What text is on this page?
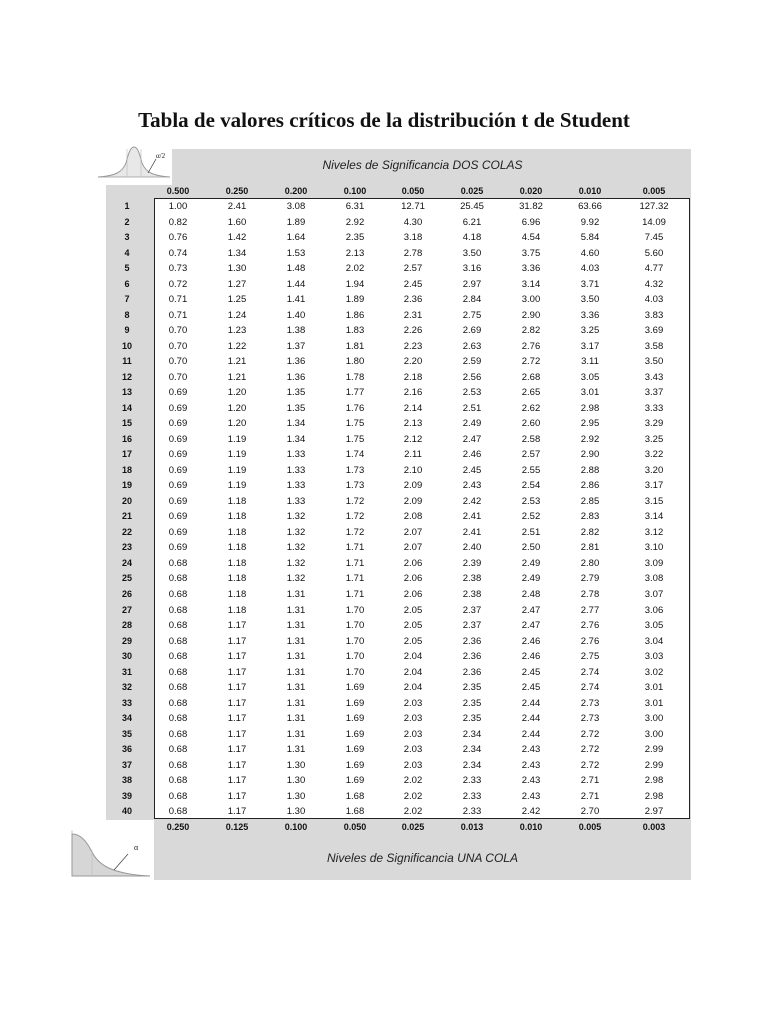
Tabla de valores críticos de la distribución t de Student
α/2
α
Niveles de Significancia DOS COLAS
Niveles de Significancia UNA COLA
0.500	0.250	0.200	0.100	0.050	0.025	0.020	0.010	0.005
0.250	0.125	0.100	0.050	0.025	0.013	0.010	0.005	0.003
1	1.00	2.41	3.08	6.31	12.71	25.45	31.82	63.66	127.32
2	0.82	1.60	1.89	2.92	4.30	6.21	6.96	9.92	14.09
3	0.76	1.42	1.64	2.35	3.18	4.18	4.54	5.84	7.45
4	0.74	1.34	1.53	2.13	2.78	3.50	3.75	4.60	5.60
5	0.73	1.30	1.48	2.02	2.57	3.16	3.36	4.03	4.77
6	0.72	1.27	1.44	1.94	2.45	2.97	3.14	3.71	4.32
7	0.71	1.25	1.41	1.89	2.36	2.84	3.00	3.50	4.03
8	0.71	1.24	1.40	1.86	2.31	2.75	2.90	3.36	3.83
9	0.70	1.23	1.38	1.83	2.26	2.69	2.82	3.25	3.69
10	0.70	1.22	1.37	1.81	2.23	2.63	2.76	3.17	3.58
11	0.70	1.21	1.36	1.80	2.20	2.59	2.72	3.11	3.50
12	0.70	1.21	1.36	1.78	2.18	2.56	2.68	3.05	3.43
13	0.69	1.20	1.35	1.77	2.16	2.53	2.65	3.01	3.37
14	0.69	1.20	1.35	1.76	2.14	2.51	2.62	2.98	3.33
15	0.69	1.20	1.34	1.75	2.13	2.49	2.60	2.95	3.29
16	0.69	1.19	1.34	1.75	2.12	2.47	2.58	2.92	3.25
17	0.69	1.19	1.33	1.74	2.11	2.46	2.57	2.90	3.22
18	0.69	1.19	1.33	1.73	2.10	2.45	2.55	2.88	3.20
19	0.69	1.19	1.33	1.73	2.09	2.43	2.54	2.86	3.17
20	0.69	1.18	1.33	1.72	2.09	2.42	2.53	2.85	3.15
21	0.69	1.18	1.32	1.72	2.08	2.41	2.52	2.83	3.14
22	0.69	1.18	1.32	1.72	2.07	2.41	2.51	2.82	3.12
23	0.69	1.18	1.32	1.71	2.07	2.40	2.50	2.81	3.10
24	0.68	1.18	1.32	1.71	2.06	2.39	2.49	2.80	3.09
25	0.68	1.18	1.32	1.71	2.06	2.38	2.49	2.79	3.08
26	0.68	1.18	1.31	1.71	2.06	2.38	2.48	2.78	3.07
27	0.68	1.18	1.31	1.70	2.05	2.37	2.47	2.77	3.06
28	0.68	1.17	1.31	1.70	2.05	2.37	2.47	2.76	3.05
29	0.68	1.17	1.31	1.70	2.05	2.36	2.46	2.76	3.04
30	0.68	1.17	1.31	1.70	2.04	2.36	2.46	2.75	3.03
31	0.68	1.17	1.31	1.70	2.04	2.36	2.45	2.74	3.02
32	0.68	1.17	1.31	1.69	2.04	2.35	2.45	2.74	3.01
33	0.68	1.17	1.31	1.69	2.03	2.35	2.44	2.73	3.01
34	0.68	1.17	1.31	1.69	2.03	2.35	2.44	2.73	3.00
35	0.68	1.17	1.31	1.69	2.03	2.34	2.44	2.72	3.00
36	0.68	1.17	1.31	1.69	2.03	2.34	2.43	2.72	2.99
37	0.68	1.17	1.30	1.69	2.03	2.34	2.43	2.72	2.99
38	0.68	1.17	1.30	1.69	2.02	2.33	2.43	2.71	2.98
39	0.68	1.17	1.30	1.68	2.02	2.33	2.43	2.71	2.98
40	0.68	1.17	1.30	1.68	2.02	2.33	2.42	2.70	2.97
